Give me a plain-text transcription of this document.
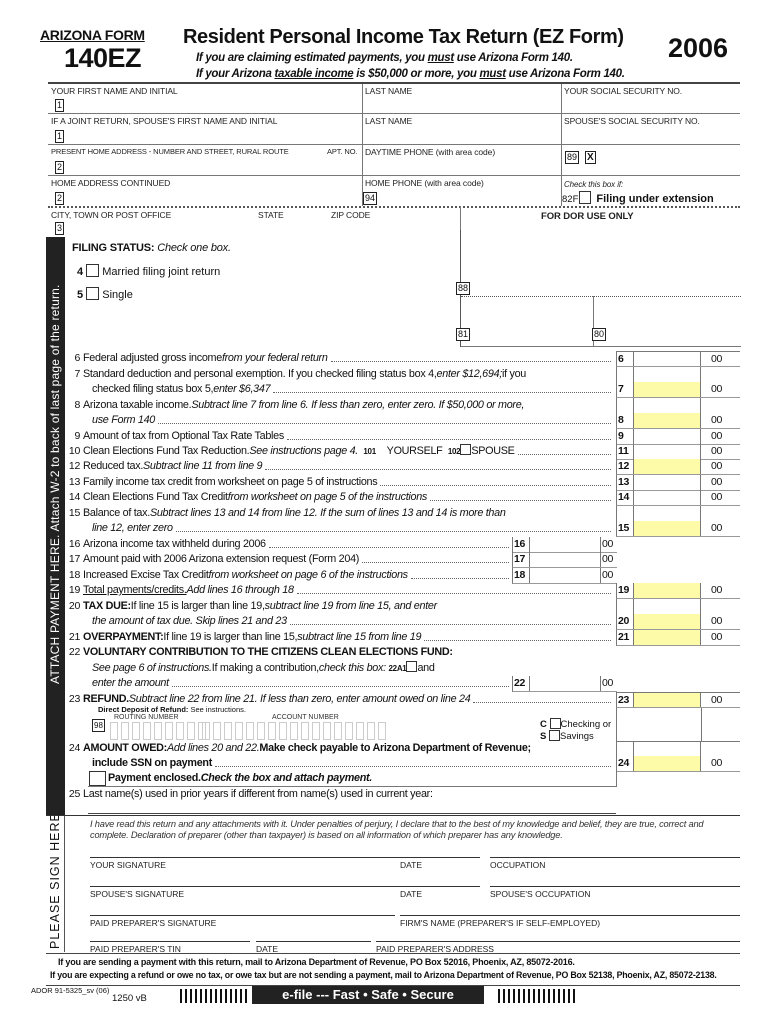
ARIZONA FORM
140EZ
Resident Personal Income Tax Return (EZ Form)
If you are claiming estimated payments, you must use Arizona Form 140.
If your Arizona taxable income is $50,000 or more, you must use Arizona Form 140.
2006
YOUR FIRST NAME AND INITIAL
1
LAST NAME	YOUR SOCIAL SECURITY NO.
IF A JOINT RETURN, SPOUSE'S FIRST NAME AND INITIAL
1
LAST NAME	SPOUSE'S SOCIAL SECURITY NO.
PRESENT HOME ADDRESS - NUMBER AND STREET, RURAL ROUTE	APT. NO.
2
DAYTIME PHONE (with area code)	89 X
HOME ADDRESS CONTINUED
2
HOME PHONE (with area code)
94
Check this box if:
82F Filing under extension
CITY, TOWN OR POST OFFICE	STATE	ZIP CODE
3
FOR DOR USE ONLY
88
81	80
ATTACH PAYMENT HERE. Attach W-2 to back of last page of the return.
PLEASE SIGN HERE
FILING STATUS: Check one box.
4 Married filing joint return
5 Single
6 Federal adjusted gross income from your federal return	6	00
7 Standard deduction and personal exemption. If you checked filing status box 4, enter $12,694; if you
checked filing status box 5, enter $6,347	7	00
8 Arizona taxable income. Subtract line 7 from line 6. If less than zero, enter zero. If $50,000 or more,
use Form 140	8	00
9 Amount of tax from Optional Tax Rate Tables	9	00
10 Clean Elections Fund Tax Reduction. See instructions page 4.
101
YOURSELF
102 SPOUSE	11	00
12 Reduced tax. Subtract line 11 from line 9	12	00
13 Family income tax credit from worksheet on page 5 of instructions	13	00
14 Clean Elections Fund Tax Credit from worksheet on page 5 of the instructions	14	00
15 Balance of tax. Subtract lines 13 and 14 from line 12. If the sum of lines 13 and 14 is more than
line 12, enter zero	15	00
16 Arizona income tax withheld during 2006	16	00
17 Amount paid with 2006 Arizona extension request (Form 204)	17	00
18 Increased Excise Tax Credit from worksheet on page 6 of the instructions	18	00
19 Total payments/credits. Add lines 16 through 18	19	00
20 TAX DUE: If line 15 is larger than line 19, subtract line 19 from line 15, and enter
the amount of tax due. Skip lines 21 and 23	20	00
21 OVERPAYMENT: If line 19 is larger than line 15, subtract line 15 from line 19	21	00
22 VOLUNTARY CONTRIBUTION TO THE CITIZENS CLEAN ELECTIONS FUND:
See page 6 of instructions. If making a contribution, check this box:
22A1 and
enter the amount	22	00
23 REFUND. Subtract line 22 from line 21. If less than zero, enter amount owed on line 24	23	00
Direct Deposit of Refund: See instructions.
ROUTING NUMBER	ACCOUNT NUMBER
98	C Checking or
S Savings
24 AMOUNT OWED: Add lines 20 and 22. Make check payable to Arizona Department of Revenue;
include SSN on payment	24	00
Payment enclosed. Check the box and attach payment.
25 Last name(s) used in prior years if different from name(s) used in current year:
I have read this return and any attachments with it. Under penalties of perjury, I declare that to the best of my knowledge and belief, they are true, correct and complete. Declaration of preparer (other than taxpayer) is based on all information of which preparer has any knowledge.
YOUR SIGNATURE	DATE	OCCUPATION
SPOUSE'S SIGNATURE	DATE	SPOUSE'S OCCUPATION
PAID PREPARER'S SIGNATURE	FIRM'S NAME (PREPARER'S IF SELF-EMPLOYED)
PAID PREPARER'S TIN	DATE	PAID PREPARER'S ADDRESS
If you are sending a payment with this return, mail to Arizona Department of Revenue, PO Box 52016, Phoenix, AZ, 85072-2016.
If you are expecting a refund or owe no tax, or owe tax but are not sending a payment, mail to Arizona Department of Revenue, PO Box 52138, Phoenix, AZ, 85072-2138.
ADOR 91-5325_sv (06)
1250 vB	e-file --- Fast • Safe • Secure
